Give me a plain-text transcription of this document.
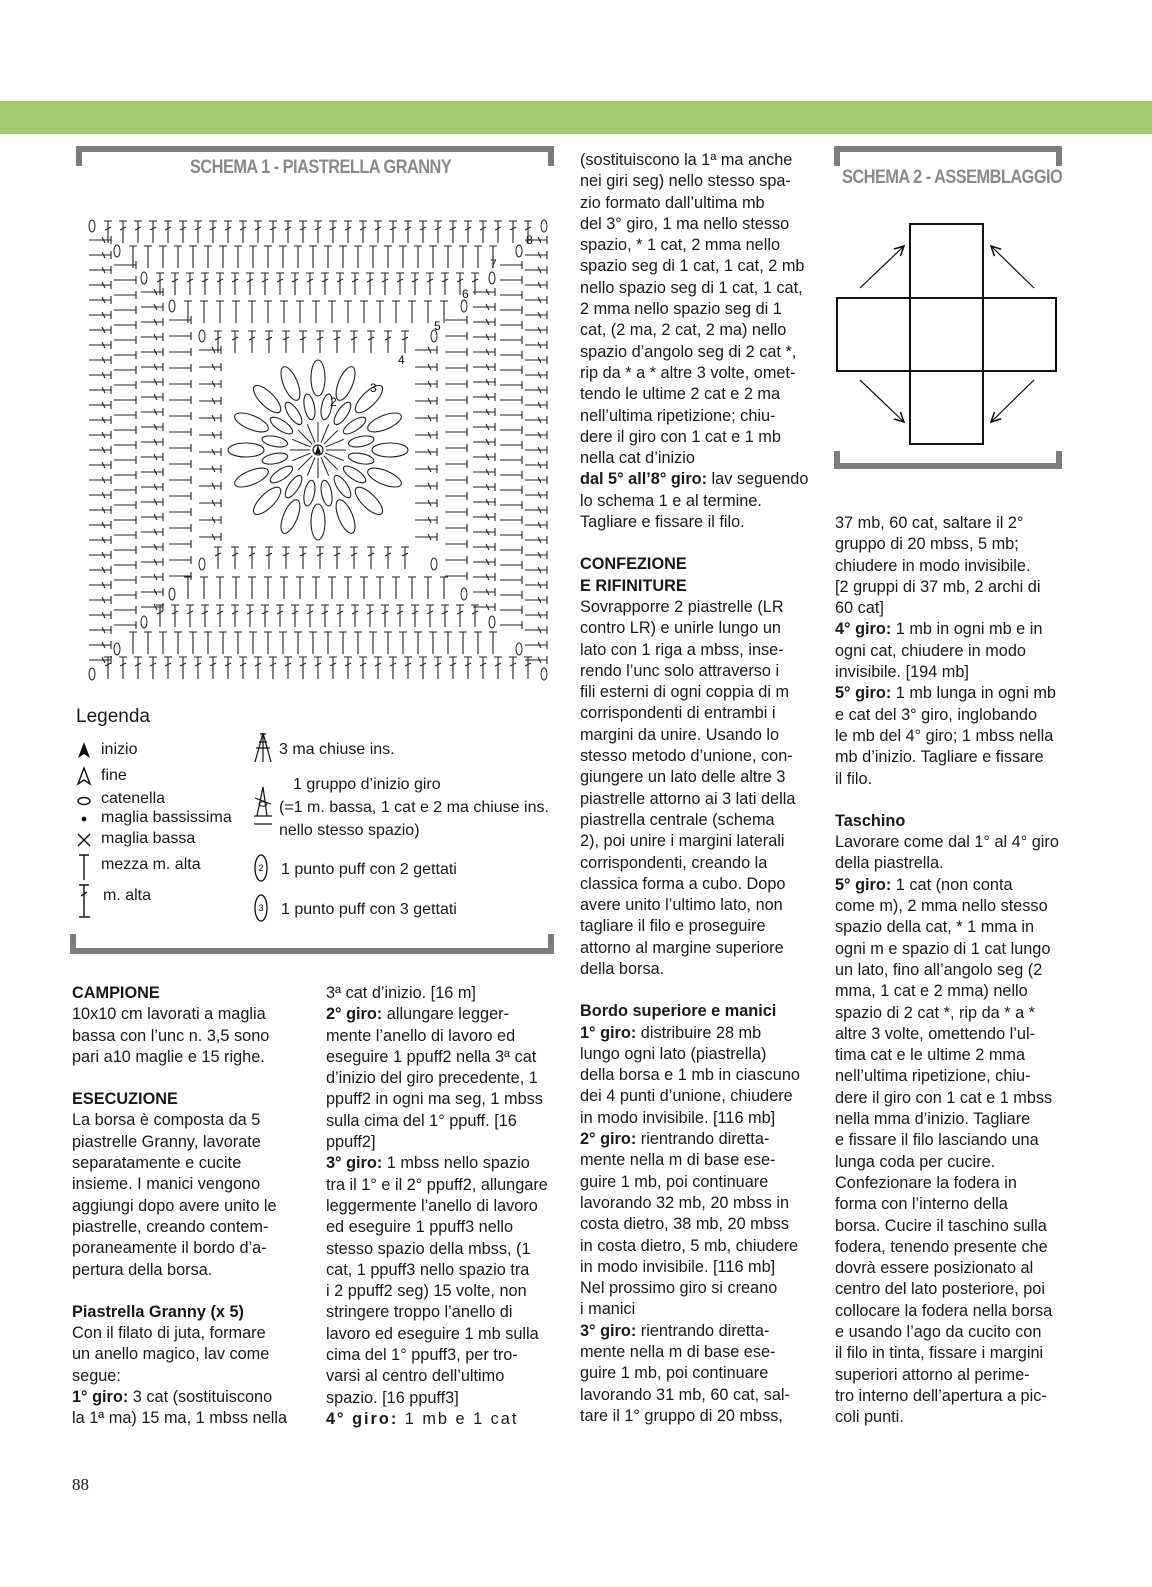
SCHEMA 1 - PIASTRELLA GRANNY
8
7
6
5
4
3
2
Legenda
inizio
fine
catenella
maglia bassissima
maglia bassa
mezza m. alta
m. alta
3 ma chiuse ins.
1 gruppo d’inizio giro
(=1 m. bassa, 1 cat e 2 ma chiuse ins.
nello stesso spazio)
2 1 punto puff con 2 gettati
3 1 punto puff con 3 gettati
SCHEMA 2 - ASSEMBLAGGIO

CAMPIONE

10x10 cm lavorati a maglia

bassa con l’unc n. 3,5 sono

pari a10 maglie e 15 righe.

ESECUZIONE

La borsa è composta da 5

piastrelle Granny, lavorate

separatamente e cucite

insieme. I manici vengono

aggiungi dopo avere unito le

piastrelle, creando contem-

poraneamente il bordo d’a-

pertura della borsa.

Piastrella Granny (x 5)

Con il filato di juta, formare

un anello magico, lav come

segue:

1° giro: 3 cat (sostituiscono

la 1ª ma) 15 ma, 1 mbss nella

3ª cat d’inizio. [16 m]

2° giro: allungare legger-

mente l’anello di lavoro ed

eseguire 1 ppuff2 nella 3ª cat

d’inizio del giro precedente, 1

ppuff2 in ogni ma seg, 1 mbss

sulla cima del 1° ppuff. [16

ppuff2]

3° giro: 1 mbss nello spazio

tra il 1° e il 2° ppuff2, allungare

leggermente l’anello di lavoro

ed eseguire 1 ppuff3 nello

stesso spazio della mbss, (1

cat, 1 ppuff3 nello spazio tra

i 2 ppuff2 seg) 15 volte, non

stringere troppo l’anello di

lavoro ed eseguire 1 mb sulla

cima del 1° ppuff3, per tro-

varsi al centro dell’ultimo

spazio. [16 ppuff3]

4° giro: 1 mb e 1 cat

(sostituiscono la 1ª ma anche

nei giri seg) nello stesso spa-

zio formato dall’ultima mb

del 3° giro, 1 ma nello stesso

spazio, * 1 cat, 2 mma nello

spazio seg di 1 cat, 1 cat, 2 mb

nello spazio seg di 1 cat, 1 cat,

2 mma nello spazio seg di 1

cat, (2 ma, 2 cat, 2 ma) nello

spazio d’angolo seg di 2 cat *,

rip da * a * altre 3 volte, omet-

tendo le ultime 2 cat e 2 ma

nell’ultima ripetizione; chiu-

dere il giro con 1 cat e 1 mb

nella cat d’inizio

dal 5° all’8° giro: lav seguendo

lo schema 1 e al termine.

Tagliare e fissare il filo.

CONFEZIONE

E RIFINITURE

Sovrapporre 2 piastrelle (LR

contro LR) e unirle lungo un

lato con 1 riga a mbss, inse-

rendo l’unc solo attraverso i

fili esterni di ogni coppia di m

corrispondenti di entrambi i

margini da unire. Usando lo

stesso metodo d’unione, con-

giungere un lato delle altre 3

piastrelle attorno ai 3 lati della

piastrella centrale (schema

2), poi unire i margini laterali

corrispondenti, creando la

classica forma a cubo. Dopo

avere unito l’ultimo lato, non

tagliare il filo e proseguire

attorno al margine superiore

della borsa.

Bordo superiore e manici

1° giro: distribuire 28 mb

lungo ogni lato (piastrella)

della borsa e 1 mb in ciascuno

dei 4 punti d’unione, chiudere

in modo invisibile. [116 mb]

2° giro: rientrando diretta-

mente nella m di base ese-

guire 1 mb, poi continuare

lavorando 32 mb, 20 mbss in

costa dietro, 38 mb, 20 mbss

in costa dietro, 5 mb, chiudere

in modo invisibile. [116 mb]

Nel prossimo giro si creano

i manici

3° giro: rientrando diretta-

mente nella m di base ese-

guire 1 mb, poi continuare

lavorando 31 mb, 60 cat, sal-

tare il 1° gruppo di 20 mbss,

37 mb, 60 cat, saltare il 2°

gruppo di 20 mbss, 5 mb;

chiudere in modo invisibile.

[2 gruppi di 37 mb, 2 archi di

60 cat]

4° giro: 1 mb in ogni mb e in

ogni cat, chiudere in modo

invisibile. [194 mb]

5° giro: 1 mb lunga in ogni mb

e cat del 3° giro, inglobando

le mb del 4° giro; 1 mbss nella

mb d’inizio. Tagliare e fissare

il filo.

Taschino

Lavorare come dal 1° al 4° giro

della piastrella.

5° giro: 1 cat (non conta

come m), 2 mma nello stesso

spazio della cat, * 1 mma in

ogni m e spazio di 1 cat lungo

un lato, fino all’angolo seg (2

mma, 1 cat e 2 mma) nello

spazio di 2 cat *, rip da * a *

altre 3 volte, omettendo l’ul-

tima cat e le ultime 2 mma

nell’ultima ripetizione, chiu-

dere il giro con 1 cat e 1 mbss

nella mma d’inizio. Tagliare

e fissare il filo lasciando una

lunga coda per cucire.

Confezionare la fodera in

forma con l’interno della

borsa. Cucire il taschino sulla

fodera, tenendo presente che

dovrà essere posizionato al

centro del lato posteriore, poi

collocare la fodera nella borsa

e usando l’ago da cucito con

il filo in tinta, fissare i margini

superiori attorno al perime-

tro interno dell’apertura a pic-

coli punti.

88
